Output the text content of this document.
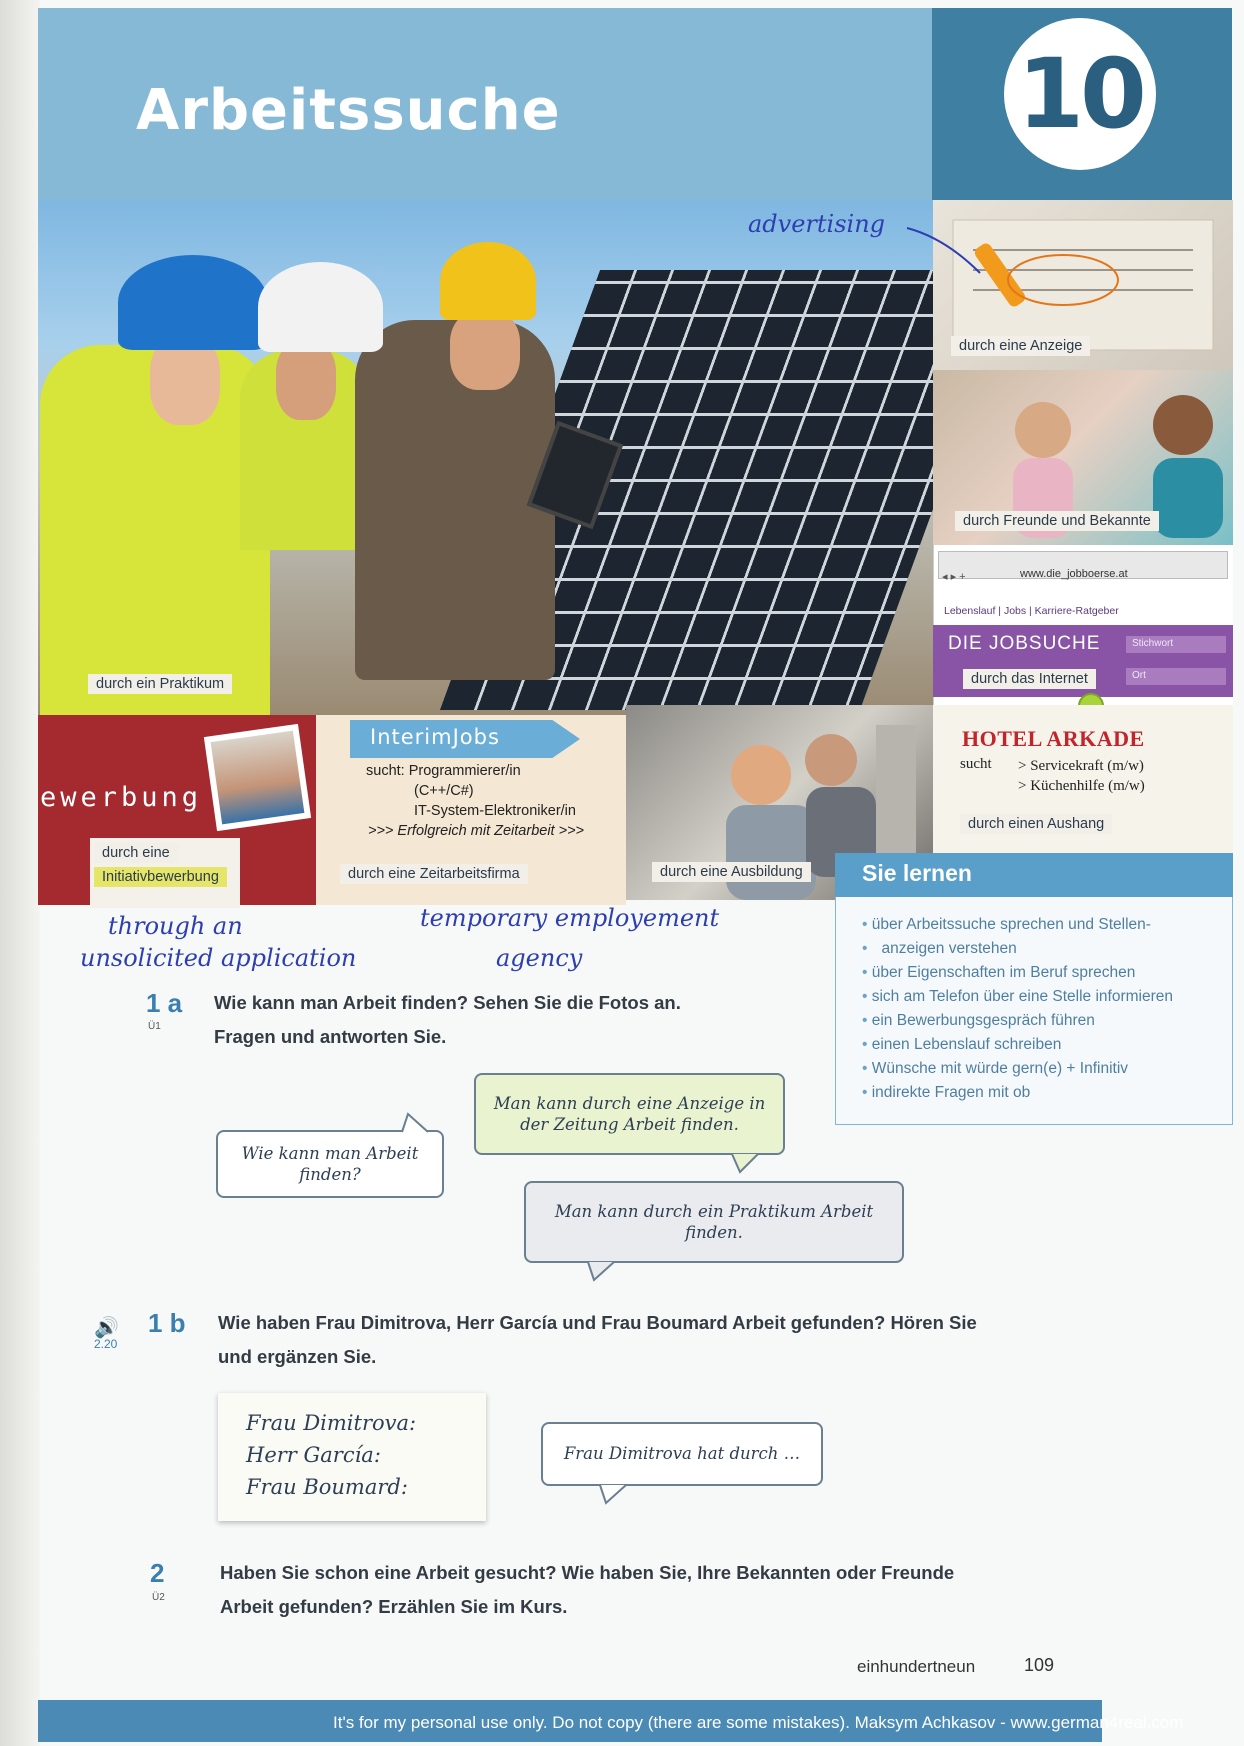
Arbeitssuche	10
durch ein Praktikum
durch eine Anzeige
durch Freunde und Bekannte
◂ ▸ +	www.die_jobboerse.at
Lebenslauf | Jobs | Karriere-Ratgeber
DIE JOBSUCHE	Stichwort
Ort
durch das Internet
HOTEL ARKADE
sucht > Servicekraft (m/w)
> Küchenhilfe (m/w)
durch einen Aushang
ewerbung
durch eine
Initiativbewerbung
InterimJobs
sucht: Programmierer/in
(C++/C#)
IT-System-Elektroniker/in
>>> Erfolgreich mit Zeitarbeit >>>
durch eine Zeitarbeitsfirma	durch eine Ausbildung
advertising
through an
unsolicited application
temporary employement
agency
Sie lernen
• über Arbeitssuche sprechen und Stellen-
• anzeigen verstehen
• über Eigenschaften im Beruf sprechen
• sich am Telefon über eine Stelle informieren
• ein Bewerbungsgespräch führen
• einen Lebenslauf schreiben
• Wünsche mit würde gern(e) + Infinitiv
• indirekte Fragen mit ob
1 a
Ü1
Wie kann man Arbeit finden? Sehen Sie die Fotos an.
Fragen und antworten Sie.
Wie kann man Arbeit finden?
Man kann durch eine Anzeige in der Zeitung Arbeit finden.
Man kann durch ein Praktikum Arbeit finden.
🔊
2.20
1 b Wie haben Frau Dimitrova, Herr García und Frau Boumard Arbeit gefunden? Hören Sie
und ergänzen Sie.
Frau Dimitrova:
Herr García:
Frau Boumard:
Frau Dimitrova hat durch …
2
Ü2
Haben Sie schon eine Arbeit gesucht? Wie haben Sie, Ihre Bekannten oder Freunde
Arbeit gefunden? Erzählen Sie im Kurs.
einhundertneun	109
It's for my personal use only. Do not copy (there are some mistakes). Maksym Achkasov - www.german4real.com
